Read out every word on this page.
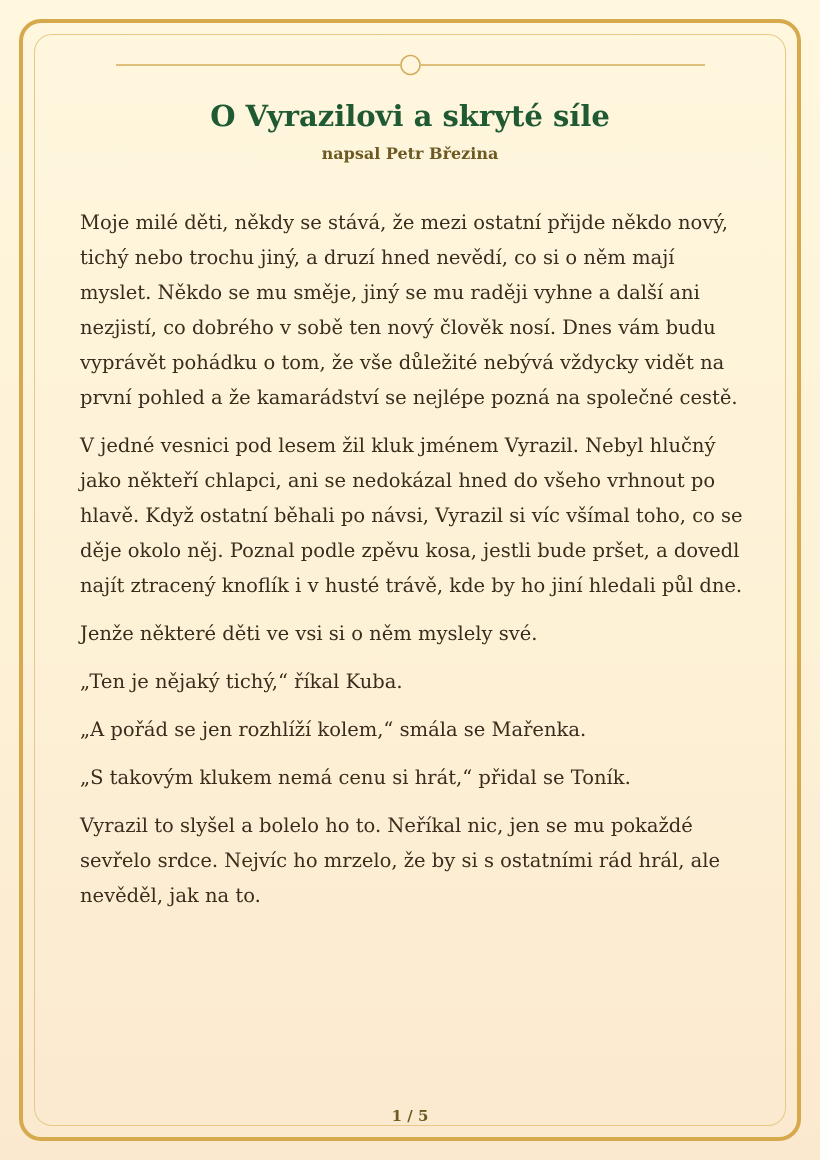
O Vyrazilovi a skryté síle
napsal Petr Březina

Moje milé děti, někdy se stává, že mezi ostatní přijde někdo nový, tichý nebo trochu jiný, a druzí hned nevědí, co si o něm mají myslet. Někdo se mu směje, jiný se mu raději vyhne a další ani nezjistí, co dobrého v sobě ten nový člověk nosí. Dnes vám budu vyprávět pohádku o tom, že vše důležité nebývá vždycky vidět na první pohled a že kamarádství se nejlépe pozná na společné cestě.

V jedné vesnici pod lesem žil kluk jménem Vyrazil. Nebyl hlučný jako někteří chlapci, ani se nedokázal hned do všeho vrhnout po hlavě. Když ostatní běhali po návsi, Vyrazil si víc všímal toho, co se děje okolo něj. Poznal podle zpěvu kosa, jestli bude pršet, a dovedl najít ztracený knoflík i v husté trávě, kde by ho jiní hledali půl dne.

Jenže některé děti ve vsi si o něm myslely své.

„Ten je nějaký tichý,“ říkal Kuba.

„A pořád se jen rozhlíží kolem,“ smála se Mařenka.

„S takovým klukem nemá cenu si hrát,“ přidal se Toník.

Vyrazil to slyšel a bolelo ho to. Neříkal nic, jen se mu pokaždé sevřelo srdce. Nejvíc ho mrzelo, že by si s ostatními rád hrál, ale nevěděl, jak na to.

1 / 5
